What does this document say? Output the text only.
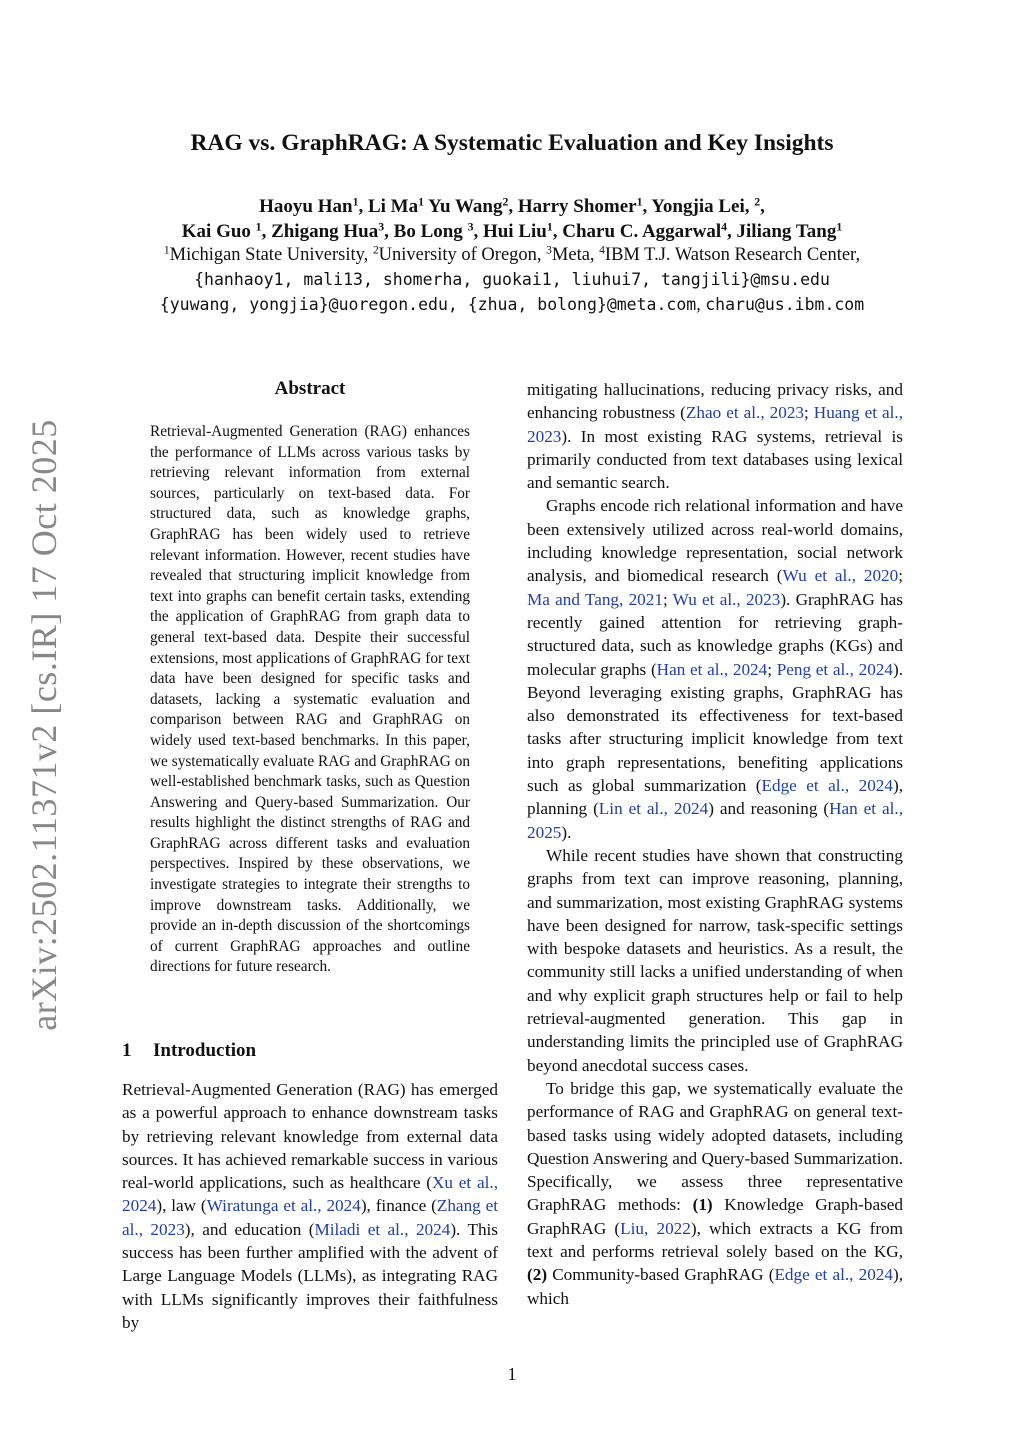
RAG vs. GraphRAG: A Systematic Evaluation and Key Insights
Haoyu Han$^1$, Li Ma$^1$ Yu Wang$^2$, Harry Shomer$^1$, Yongjia Lei, $^2$,
Kai Guo $^1$, Zhigang Hua$^3$, Bo Long $^3$, Hui Liu$^1$, Charu C. Aggarwal$^4$, Jiliang Tang$^1$
$^1$Michigan State University, $^2$University of Oregon, $^3$Meta, $^4$IBM T.J. Watson Research Center,
{hanhaoy1, mali13, shomerha, guokai1, liuhui7, tangjili}@msu.edu
{yuwang, yongjia}@uoregon.edu, {zhua, bolong}@meta.com, charu@us.ibm.com
arXiv:2502.11371v2 [cs.IR] 17 Oct 2025
Abstract
Retrieval-Augmented Generation (RAG) enhances the performance of LLMs across various tasks by retrieving relevant information from external sources, particularly on text-based data. For structured data, such as knowledge graphs, GraphRAG has been widely used to retrieve relevant information. However, recent studies have revealed that structuring implicit knowledge from text into graphs can benefit certain tasks, extending the application of GraphRAG from graph data to general text-based data. Despite their successful extensions, most applications of GraphRAG for text data have been designed for specific tasks and datasets, lacking a systematic evaluation and comparison between RAG and GraphRAG on widely used text-based benchmarks. In this paper, we systematically evaluate RAG and GraphRAG on well-established benchmark tasks, such as Question Answering and Query-based Summarization. Our results highlight the distinct strengths of RAG and GraphRAG across different tasks and evaluation perspectives. Inspired by these observations, we investigate strategies to integrate their strengths to improve downstream tasks. Additionally, we provide an in-depth discussion of the shortcomings of current GraphRAG approaches and outline directions for future research.
1 Introduction

Retrieval-Augmented Generation (RAG) has emerged as a powerful approach to enhance downstream tasks by retrieving relevant knowledge from external data sources. It has achieved remarkable success in various real-world applications, such as healthcare (Xu et al., 2024), law (Wiratunga et al., 2024), finance (Zhang et al., 2023), and education (Miladi et al., 2024). This success has been further amplified with the advent of Large Language Models (LLMs), as integrating RAG with LLMs significantly improves their faithfulness by

mitigating hallucinations, reducing privacy risks, and enhancing robustness (Zhao et al., 2023; Huang et al., 2023). In most existing RAG systems, retrieval is primarily conducted from text databases using lexical and semantic search.

Graphs encode rich relational information and have been extensively utilized across real-world domains, including knowledge representation, social network analysis, and biomedical research (Wu et al., 2020; Ma and Tang, 2021; Wu et al., 2023). GraphRAG has recently gained attention for retrieving graph-structured data, such as knowledge graphs (KGs) and molecular graphs (Han et al., 2024; Peng et al., 2024). Beyond leveraging existing graphs, GraphRAG has also demonstrated its effectiveness for text-based tasks after structuring implicit knowledge from text into graph representations, benefiting applications such as global summarization (Edge et al., 2024), planning (Lin et al., 2024) and reasoning (Han et al., 2025).

While recent studies have shown that constructing graphs from text can improve reasoning, planning, and summarization, most existing GraphRAG systems have been designed for narrow, task-specific settings with bespoke datasets and heuristics. As a result, the community still lacks a unified understanding of when and why explicit graph structures help or fail to help retrieval-augmented generation. This gap in understanding limits the principled use of GraphRAG beyond anecdotal success cases.

To bridge this gap, we systematically evaluate the performance of RAG and GraphRAG on general text-based tasks using widely adopted datasets, including Question Answering and Query-based Summarization. Specifically, we assess three representative GraphRAG methods: (1) Knowledge Graph-based GraphRAG (Liu, 2022), which extracts a KG from text and performs retrieval solely based on the KG, (2) Community-based GraphRAG (Edge et al., 2024), which

1
